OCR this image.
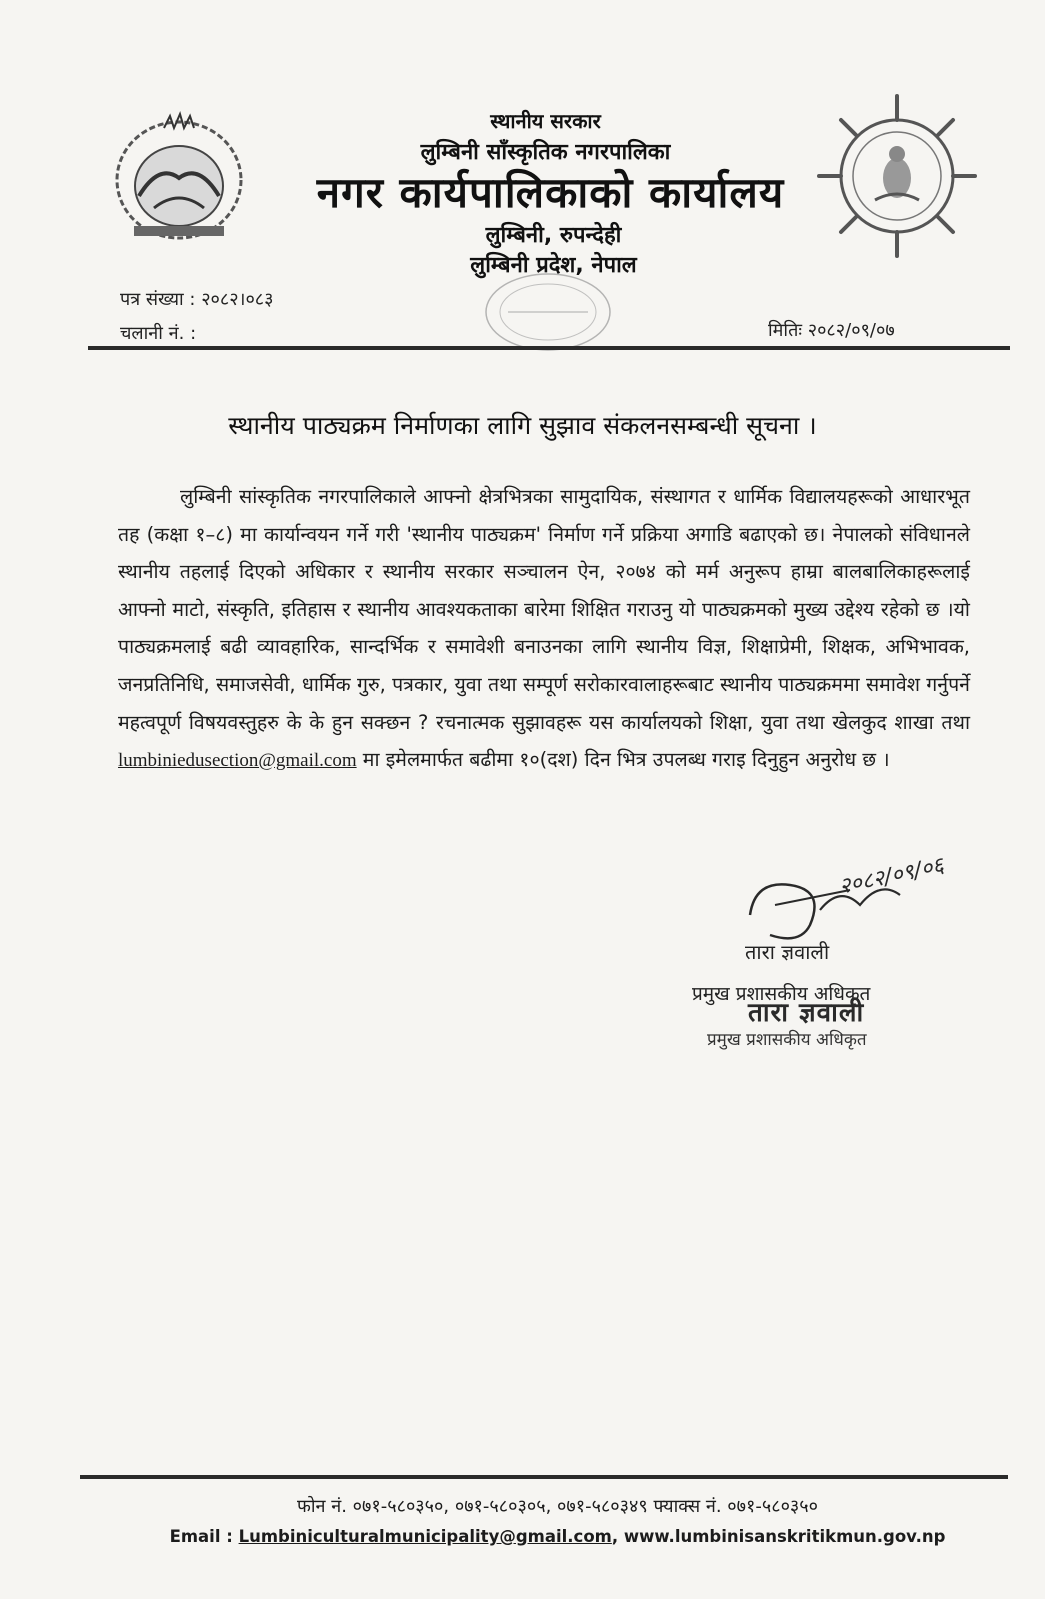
स्थानीय सरकार
लुम्बिनी साँस्कृतिक नगरपालिका
नगर कार्यपालिकाको कार्यालय
लुम्बिनी, रुपन्देही
लुम्बिनी प्रदेश, नेपाल
पत्र संख्या : २०८२।०८३
चलानी नं. :	मितिः २०८२/०९/०७
स्थानीय पाठ्यक्रम निर्माणका लागि सुझाव संकलनसम्बन्धी सूचना ।
लुम्बिनी सांस्कृतिक नगरपालिकाले आफ्नो क्षेत्रभित्रका सामुदायिक, संस्थागत र धार्मिक विद्यालयहरूको आधारभूत तह (कक्षा १–८) मा कार्यान्वयन गर्ने गरी 'स्थानीय पाठ्यक्रम' निर्माण गर्ने प्रक्रिया अगाडि बढाएको छ। नेपालको संविधानले स्थानीय तहलाई दिएको अधिकार र स्थानीय सरकार सञ्चालन ऐन, २०७४ को मर्म अनुरूप हाम्रा बालबालिकाहरूलाई आफ्नो माटो, संस्कृति, इतिहास र स्थानीय आवश्यकताका बारेमा शिक्षित गराउनु यो पाठ्यक्रमको मुख्य उद्देश्य रहेको छ ।यो पाठ्यक्रमलाई बढी व्यावहारिक, सान्दर्भिक र समावेशी बनाउनका लागि स्थानीय विज्ञ, शिक्षाप्रेमी, शिक्षक, अभिभावक, जनप्रतिनिधि, समाजसेवी, धार्मिक गुरु, पत्रकार, युवा तथा सम्पूर्ण सरोकारवालाहरूबाट स्थानीय पाठ्यक्रममा समावेश गर्नुपर्ने महत्वपूर्ण विषयवस्तुहरु के के हुन सक्छन ? रचनात्मक सुझावहरू यस कार्यालयको शिक्षा, युवा तथा खेलकुद शाखा तथा lumbiniedusection@gmail.com मा इमेलमार्फत बढीमा १०(दश) दिन भित्र उपलब्ध गराइ दिनुहुन अनुरोध छ ।
२०८२/०९/०६
तारा ज्ञवाली
प्रमुख प्रशासकीय अधिकृत
तारा ज्ञवाली
प्रमुख प्रशासकीय अधिकृत
फोन नं. ०७१-५८०३५०, ०७१-५८०३०५, ०७१-५८०३४९ फ्याक्स नं. ०७१-५८०३५०
Email : Lumbiniculturalmunicipality@gmail.com, www.lumbinisanskritikmun.gov.np
